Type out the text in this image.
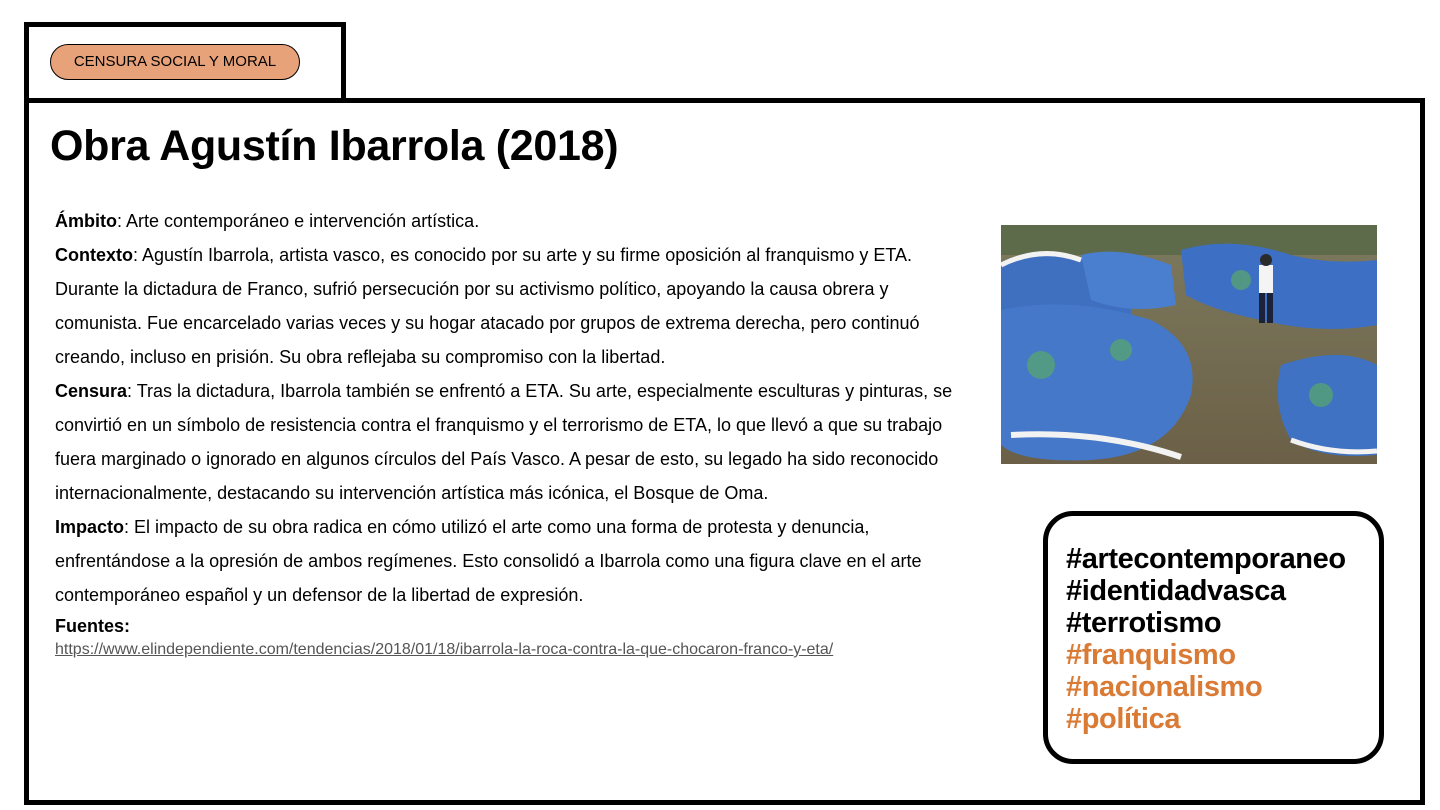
CENSURA SOCIAL Y MORAL
Obra Agustín Ibarrola (2018)

Ámbito: Arte contemporáneo e intervención artística.

Contexto: Agustín Ibarrola, artista vasco, es conocido por su arte y su firme oposición al franquismo y ETA. Durante la dictadura de Franco, sufrió persecución por su activismo político, apoyando la causa obrera y comunista. Fue encarcelado varias veces y su hogar atacado por grupos de extrema derecha, pero continuó creando, incluso en prisión. Su obra reflejaba su compromiso con la libertad.

Censura: Tras la dictadura, Ibarrola también se enfrentó a ETA. Su arte, especialmente esculturas y pinturas, se convirtió en un símbolo de resistencia contra el franquismo y el terrorismo de ETA, lo que llevó a que su trabajo fuera marginado o ignorado en algunos círculos del País Vasco. A pesar de esto, su legado ha sido reconocido internacionalmente, destacando su intervención artística más icónica, el Bosque de Oma.

Impacto: El impacto de su obra radica en cómo utilizó el arte como una forma de protesta y denuncia, enfrentándose a la opresión de ambos regímenes. Esto consolidó a Ibarrola como una figura clave en el arte contemporáneo español y un defensor de la libertad de expresión.

Fuentes:
https://www.elindependiente.com/tendencias/2018/01/18/ibarrola-la-roca-contra-la-que-chocaron-franco-y-eta/
#artecontemporaneo
#identidadvasca
#terrotismo
#franquismo
#nacionalismo
#política
